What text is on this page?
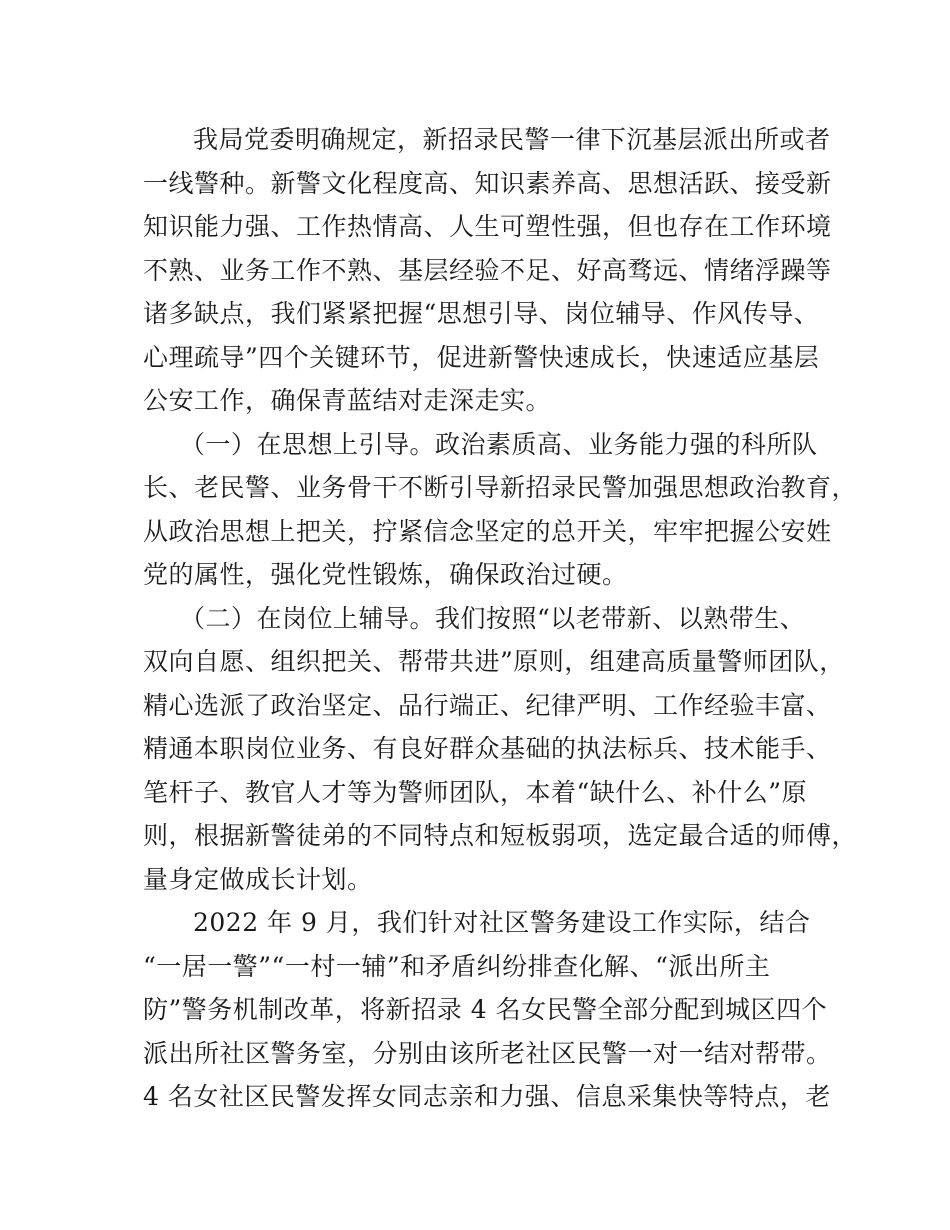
我局党委明确规定，新招录民警一律下沉基层派出所或者
一线警种。新警文化程度高、知识素养高、思想活跃、接受新
知识能力强、工作热情高、人生可塑性强，但也存在工作环境
不熟、业务工作不熟、基层经验不足、好高骛远、情绪浮躁等
诸多缺点，我们紧紧把握“思想引导、岗位辅导、作风传导、
心理疏导”四个关键环节，促进新警快速成长，快速适应基层
公安工作，确保青蓝结对走深走实。
（一）在思想上引导。政治素质高、业务能力强的科所队
长、老民警、业务骨干不断引导新招录民警加强思想政治教育，
从政治思想上把关，拧紧信念坚定的总开关，牢牢把握公安姓
党的属性，强化党性锻炼，确保政治过硬。
（二）在岗位上辅导。我们按照“以老带新、以熟带生、
双向自愿、组织把关、帮带共进”原则，组建高质量警师团队，
精心选派了政治坚定、品行端正、纪律严明、工作经验丰富、
精通本职岗位业务、有良好群众基础的执法标兵、技术能手、
笔杆子、教官人才等为警师团队，本着“缺什么、补什么”原
则，根据新警徒弟的不同特点和短板弱项，选定最合适的师傅，
量身定做成长计划。
2022 年 9 月，我们针对社区警务建设工作实际，结合
“一居一警”“一村一辅”和矛盾纠纷排查化解、“派出所主
防”警务机制改革，将新招录 4 名女民警全部分配到城区四个
派出所社区警务室，分别由该所老社区民警一对一结对帮带。
4 名女社区民警发挥女同志亲和力强、信息采集快等特点，老
